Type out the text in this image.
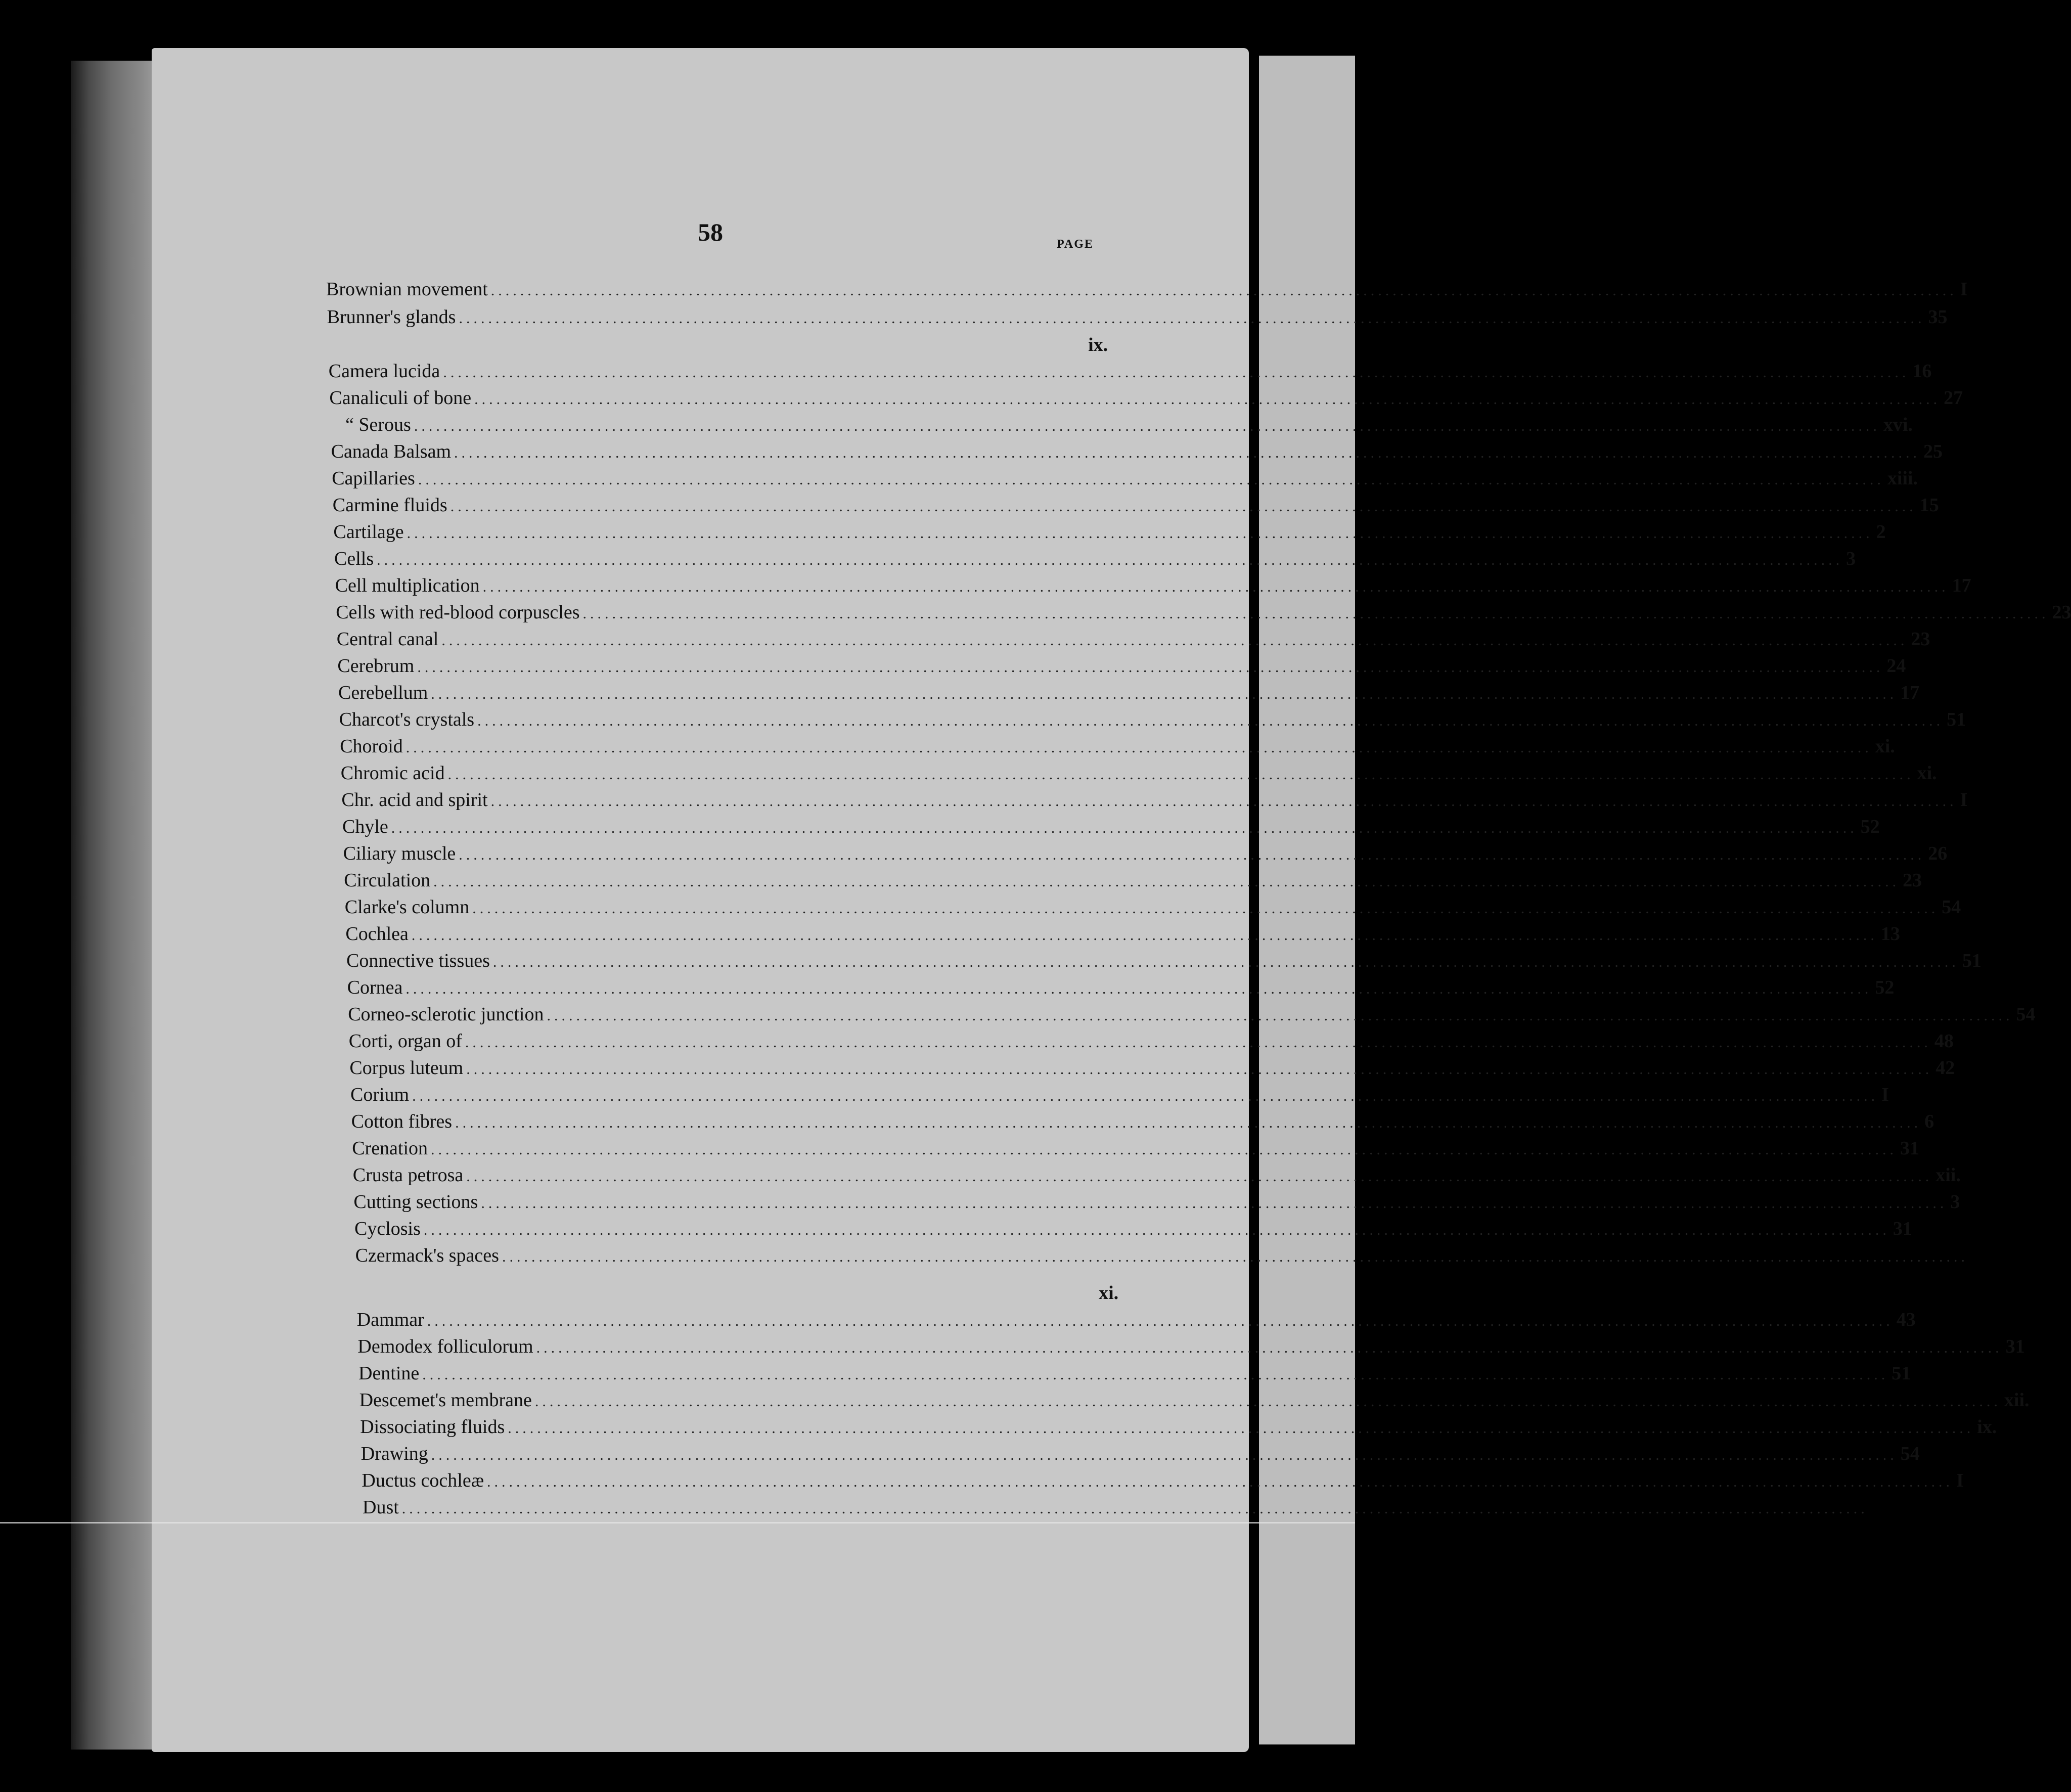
58	PAGE
Brownian movement ........................................................................................................................................................................................................ I
Brunner's glands ........................................................................................................................................................................................................ 35
ix.
Camera lucida ........................................................................................................................................................................................................ 16
Canaliculi of bone ........................................................................................................................................................................................................ 27
“ Serous ........................................................................................................................................................................................................ xvi.
Canada Balsam ........................................................................................................................................................................................................ 25
Capillaries ........................................................................................................................................................................................................ xiii.
Carmine fluids ........................................................................................................................................................................................................ 15
Cartilage ........................................................................................................................................................................................................ 2
Cells ........................................................................................................................................................................................................ 3
Cell multiplication ........................................................................................................................................................................................................ 17
Cells with red-blood corpuscles ........................................................................................................................................................................................................ 23
Central canal ........................................................................................................................................................................................................ 23
Cerebrum ........................................................................................................................................................................................................ 24
Cerebellum ........................................................................................................................................................................................................ 17
Charcot's crystals ........................................................................................................................................................................................................ 51
Choroid ........................................................................................................................................................................................................ xi.
Chromic acid ........................................................................................................................................................................................................ xi.
Chr. acid and spirit ........................................................................................................................................................................................................ I
Chyle ........................................................................................................................................................................................................ 52
Ciliary muscle ........................................................................................................................................................................................................ 26
Circulation ........................................................................................................................................................................................................ 23
Clarke's column ........................................................................................................................................................................................................ 54
Cochlea ........................................................................................................................................................................................................ 13
Connective tissues ........................................................................................................................................................................................................ 51
Cornea ........................................................................................................................................................................................................ 52
Corneo-sclerotic junction ........................................................................................................................................................................................................ 54
Corti, organ of ........................................................................................................................................................................................................ 48
Corpus luteum ........................................................................................................................................................................................................ 42
Corium ........................................................................................................................................................................................................ I
Cotton fibres ........................................................................................................................................................................................................ 6
Crenation ........................................................................................................................................................................................................ 31
Crusta petrosa ........................................................................................................................................................................................................ xii.
Cutting sections ........................................................................................................................................................................................................ 3
Cyclosis ........................................................................................................................................................................................................ 31
Czermack's spaces ........................................................................................................................................................................................................
xi.
Dammar ........................................................................................................................................................................................................ 43
Demodex folliculorum ........................................................................................................................................................................................................ 31
Dentine ........................................................................................................................................................................................................ 51
Descemet's membrane ........................................................................................................................................................................................................ xii.
Dissociating fluids ........................................................................................................................................................................................................ ix.
Drawing ........................................................................................................................................................................................................ 54
Ductus cochleæ ........................................................................................................................................................................................................ I
Dust ........................................................................................................................................................................................................
